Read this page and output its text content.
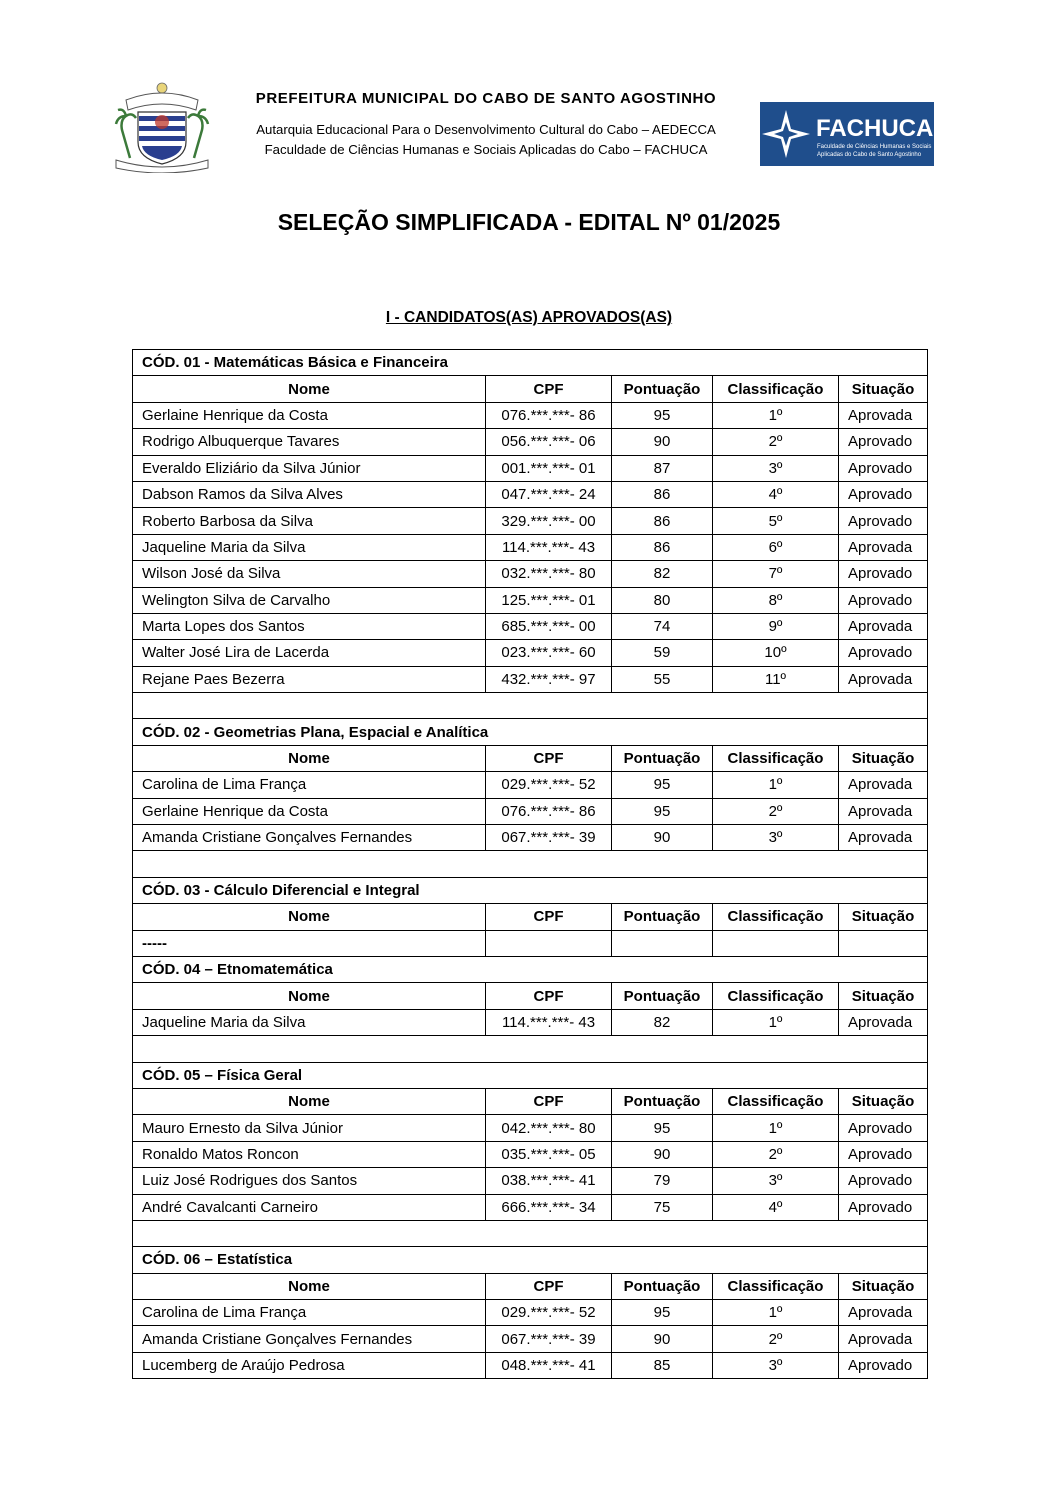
PREFEITURA MUNICIPAL DO CABO DE SANTO AGOSTINHO
Autarquia Educacional Para o Desenvolvimento Cultural do Cabo – AEDECCA
Faculdade de Ciências Humanas e Sociais Aplicadas do Cabo – FACHUCA
FACHUCA
Faculdade de Ciências Humanas e Sociais
Aplicadas do Cabo de Santo Agostinho
SELEÇÃO SIMPLIFICADA - EDITAL Nº 01/2025
I - CANDIDATOS(AS) APROVADOS(AS)
CÓD. 01 - Matemáticas Básica e Financeira				
Nome	CPF	Pontuação	Classificação	Situação
Gerlaine Henrique da Costa	076.***.***- 86	95	1º	Aprovada
Rodrigo Albuquerque Tavares	056.***.***- 06	90	2º	Aprovado
Everaldo Eliziário da Silva Júnior	001.***.***- 01	87	3º	Aprovado
Dabson Ramos da Silva Alves	047.***.***- 24	86	4º	Aprovado
Roberto Barbosa da Silva	329.***.***- 00	86	5º	Aprovado
Jaqueline Maria da Silva	114.***.***- 43	86	6º	Aprovada
Wilson José da Silva	032.***.***- 80	82	7º	Aprovado
Welington Silva de Carvalho	125.***.***- 01	80	8º	Aprovado
Marta Lopes dos Santos	685.***.***- 00	74	9º	Aprovada
Walter José Lira de Lacerda	023.***.***- 60	59	10º	Aprovado
Rejane Paes Bezerra	432.***.***- 97	55	11º	Aprovada

CÓD. 02 - Geometrias Plana, Espacial e Analítica				
Nome	CPF	Pontuação	Classificação	Situação
Carolina de Lima França	029.***.***- 52	95	1º	Aprovada
Gerlaine Henrique da Costa	076.***.***- 86	95	2º	Aprovada
Amanda Cristiane Gonçalves Fernandes	067.***.***- 39	90	3º	Aprovada

CÓD. 03 - Cálculo Diferencial e Integral				
Nome	CPF	Pontuação	Classificação	Situação
-----				
CÓD. 04 – Etnomatemática				
Nome	CPF	Pontuação	Classificação	Situação
Jaqueline Maria da Silva	114.***.***- 43	82	1º	Aprovada

CÓD. 05 – Física Geral				
Nome	CPF	Pontuação	Classificação	Situação
Mauro Ernesto da Silva Júnior	042.***.***- 80	95	1º	Aprovado
Ronaldo Matos Roncon	035.***.***- 05	90	2º	Aprovado
Luiz José Rodrigues dos Santos	038.***.***- 41	79	3º	Aprovado
André Cavalcanti Carneiro	666.***.***- 34	75	4º	Aprovado

CÓD. 06 – Estatística				
Nome	CPF	Pontuação	Classificação	Situação
Carolina de Lima França	029.***.***- 52	95	1º	Aprovada
Amanda Cristiane Gonçalves Fernandes	067.***.***- 39	90	2º	Aprovada
Lucemberg de Araújo Pedrosa	048.***.***- 41	85	3º	Aprovado
